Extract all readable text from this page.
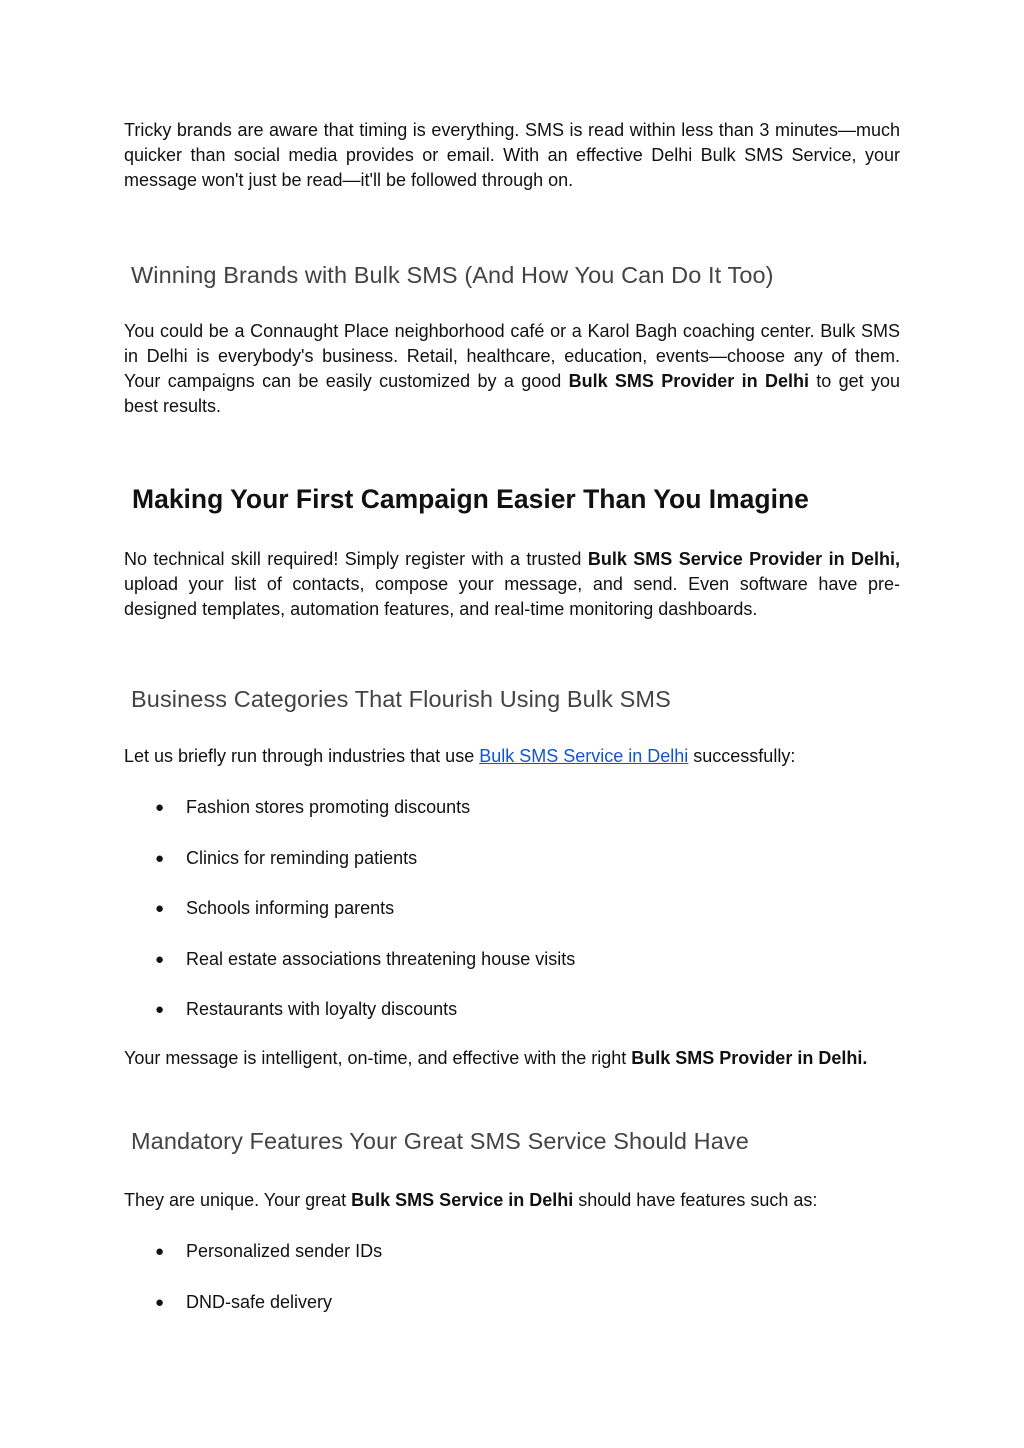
Tricky brands are aware that timing is everything. SMS is read within less than 3 minutes—much quicker than social media provides or email. With an effective Delhi Bulk SMS Service, your message won't just be read—it'll be followed through on.

Winning Brands with Bulk SMS (And How You Can Do It Too)

You could be a Connaught Place neighborhood café or a Karol Bagh coaching center. Bulk SMS in Delhi is everybody's business. Retail, healthcare, education, events—choose any of them. Your campaigns can be easily customized by a good Bulk SMS Provider in Delhi to get you best results.

Making Your First Campaign Easier Than You Imagine

No technical skill required! Simply register with a trusted Bulk SMS Service Provider in Delhi, upload your list of contacts, compose your message, and send. Even software have pre-designed templates, automation features, and real-time monitoring dashboards.

Business Categories That Flourish Using Bulk SMS

Let us briefly run through industries that use Bulk SMS Service in Delhi successfully:

● Fashion stores promoting discounts
● Clinics for reminding patients
● Schools informing parents
● Real estate associations threatening house visits
● Restaurants with loyalty discounts

Your message is intelligent, on-time, and effective with the right Bulk SMS Provider in Delhi.

Mandatory Features Your Great SMS Service Should Have

They are unique. Your great Bulk SMS Service in Delhi should have features such as:

● Personalized sender IDs
● DND-safe delivery
